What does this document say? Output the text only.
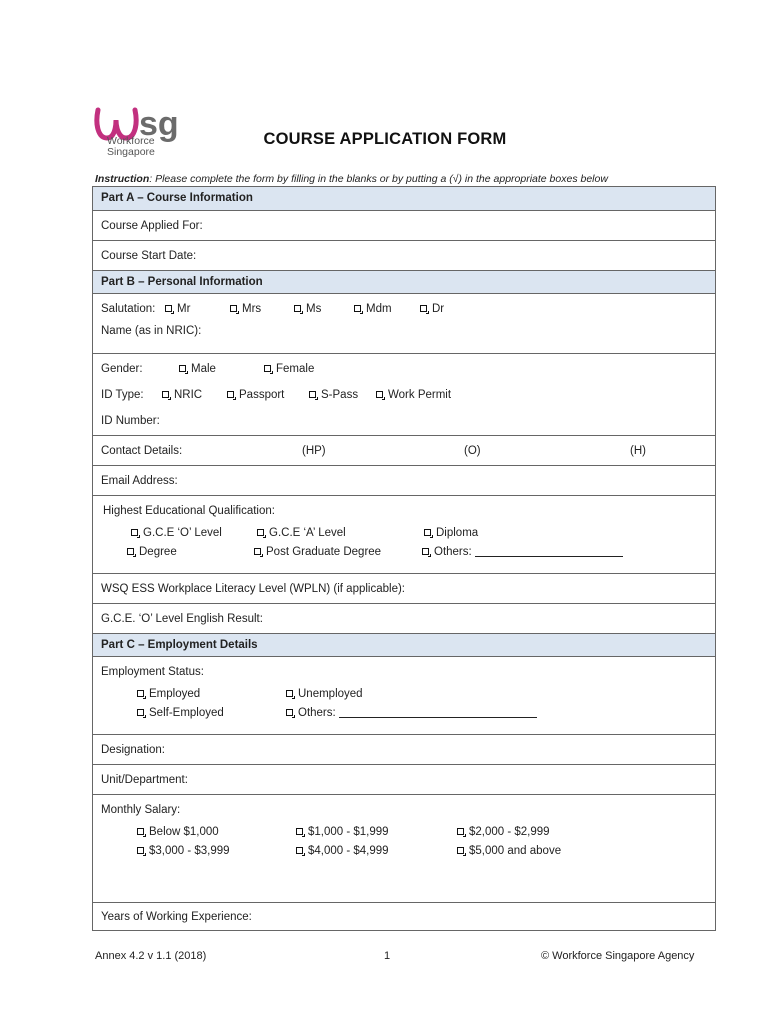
sg
Workforce
Singapore
COURSE APPLICATION FORM
Instruction: Please complete the form by filling in the blanks or by putting a (√) in the appropriate boxes below
Part A – Course Information
Course Applied For:
Course Start Date:
Part B – Personal Information
Salutation:	Mr	Mrs	Ms	Mdm	Dr
Name (as in NRIC):
Gender:	Male	Female
ID Type:	NRIC	Passport	S-Pass	Work Permit
ID Number:
Contact Details:	(HP)	(O)	(H)
Email Address:
Highest Educational Qualification:
G.C.E ‘O’ Level	G.C.E ‘A’ Level	Diploma
Degree	Post Graduate Degree	Others:
WSQ ESS Workplace Literacy Level (WPLN) (if applicable):
G.C.E. ‘O’ Level English Result:
Part C – Employment Details
Employment Status:
Employed	Unemployed
Self-Employed	Others:
Designation:
Unit/Department:
Monthly Salary:
Below $1,000	$1,000 - $1,999	$2,000 - $2,999
$3,000 - $3,999	$4,000 - $4,999	$5,000 and above
Years of Working Experience:
Annex 4.2 v 1.1 (2018)	1	© Workforce Singapore Agency
